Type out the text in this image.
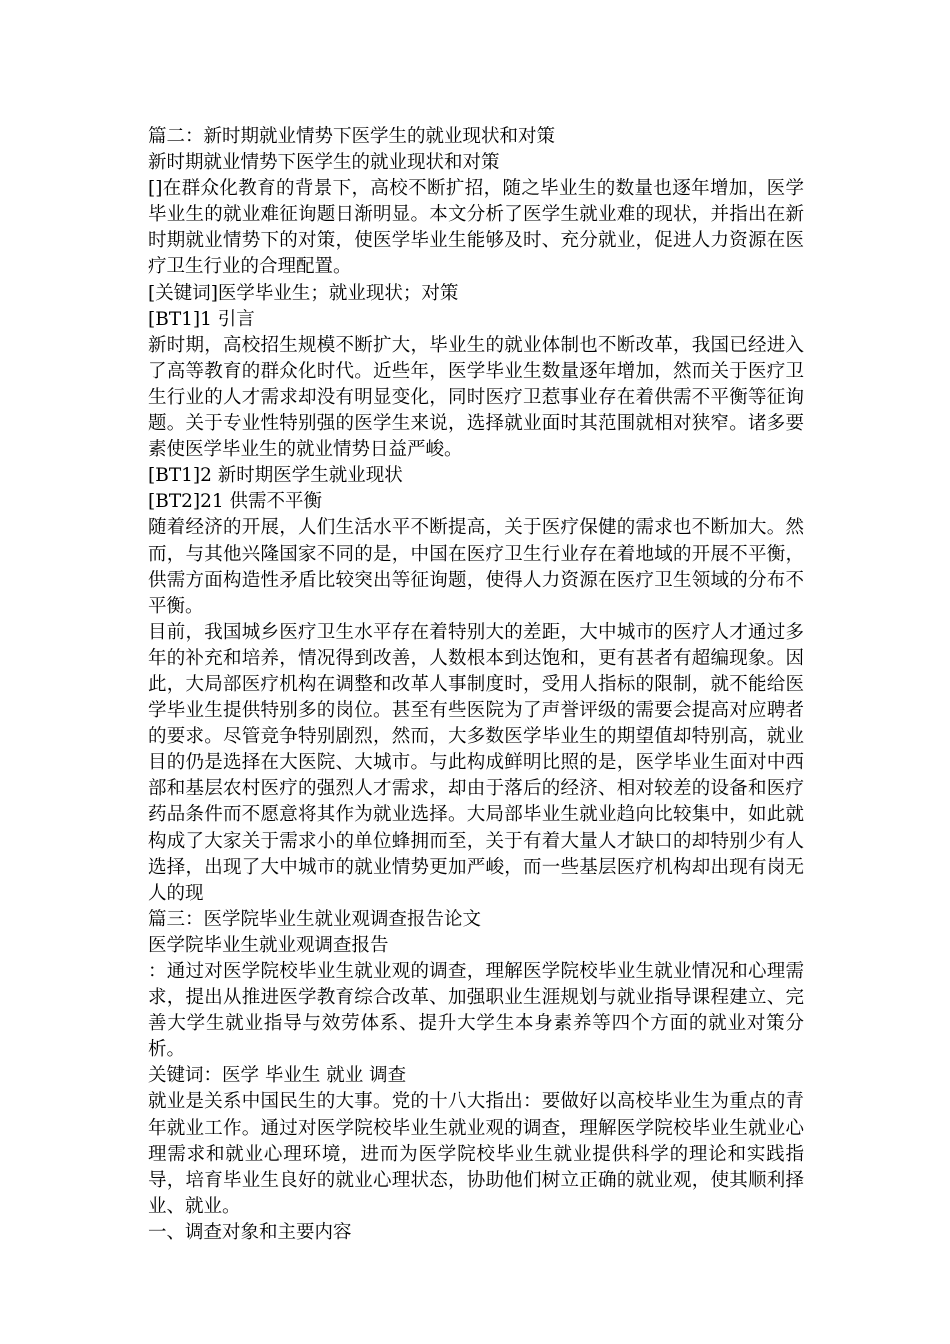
篇二：新时期就业情势下医学生的就业现状和对策

新时期就业情势下医学生的就业现状和对策

[]在群众化教育的背景下，高校不断扩招，随之毕业生的数量也逐年增加，医学毕业生的就业难征询题日渐明显。本文分析了医学生就业难的现状，并指出在新时期就业情势下的对策，使医学毕业生能够及时、充分就业，促进人力资源在医疗卫生行业的合理配置。

[关键词]医学毕业生；就业现状；对策

[BT1]1 引言

新时期，高校招生规模不断扩大，毕业生的就业体制也不断改革，我国已经进入了高等教育的群众化时代。近些年，医学毕业生数量逐年增加，然而关于医疗卫生行业的人才需求却没有明显变化，同时医疗卫惹事业存在着供需不平衡等征询题。关于专业性特别强的医学生来说，选择就业面时其范围就相对狭窄。诸多要素使医学毕业生的就业情势日益严峻。

[BT1]2 新时期医学生就业现状

[BT2]21 供需不平衡

随着经济的开展，人们生活水平不断提高，关于医疗保健的需求也不断加大。然而，与其他兴隆国家不同的是，中国在医疗卫生行业存在着地域的开展不平衡，供需方面构造性矛盾比较突出等征询题，使得人力资源在医疗卫生领域的分布不平衡。

目前，我国城乡医疗卫生水平存在着特别大的差距，大中城市的医疗人才通过多年的补充和培养，情况得到改善，人数根本到达饱和，更有甚者有超编现象。因此，大局部医疗机构在调整和改革人事制度时，受用人指标的限制，就不能给医学毕业生提供特别多的岗位。甚至有些医院为了声誉评级的需要会提高对应聘者的要求。尽管竞争特别剧烈，然而，大多数医学毕业生的期望值却特别高，就业目的仍是选择在大医院、大城市。与此构成鲜明比照的是，医学毕业生面对中西部和基层农村医疗的强烈人才需求，却由于落后的经济、相对较差的设备和医疗药品条件而不愿意将其作为就业选择。大局部毕业生就业趋向比较集中，如此就构成了大家关于需求小的单位蜂拥而至，关于有着大量人才缺口的却特别少有人选择，出现了大中城市的就业情势更加严峻，而一些基层医疗机构却出现有岗无人的现

篇三：医学院毕业生就业观调查报告论文

医学院毕业生就业观调查报告

：通过对医学院校毕业生就业观的调查，理解医学院校毕业生就业情况和心理需求，提出从推进医学教育综合改革、加强职业生涯规划与就业指导课程建立、完善大学生就业指导与效劳体系、提升大学生本身素养等四个方面的就业对策分析。

关键词：医学 毕业生 就业 调查

就业是关系中国民生的大事。党的十八大指出：要做好以高校毕业生为重点的青年就业工作。通过对医学院校毕业生就业观的调查，理解医学院校毕业生就业心理需求和就业心理环境，进而为医学院校毕业生就业提供科学的理论和实践指导，培育毕业生良好的就业心理状态，协助他们树立正确的就业观，使其顺利择业、就业。

一、调查对象和主要内容
